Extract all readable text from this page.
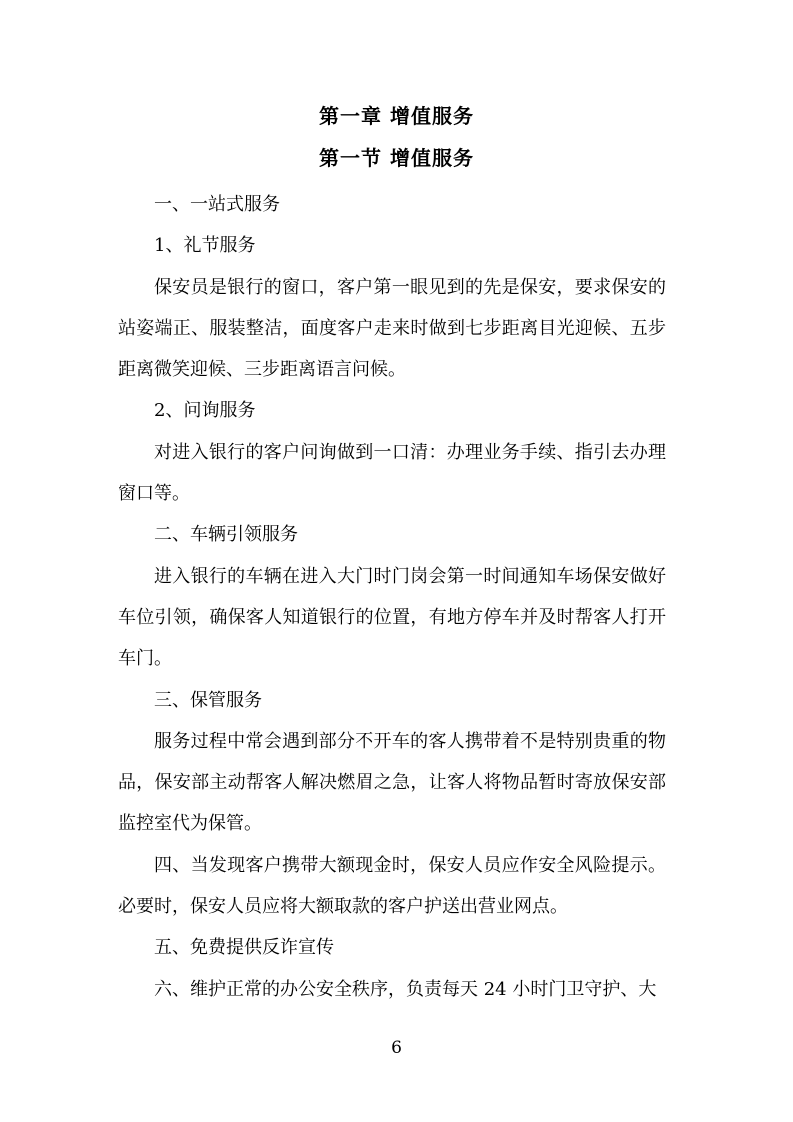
第一章 增值服务
第一节 增值服务

一、一站式服务

1、礼节服务

保安员是银行的窗口，客户第一眼见到的先是保安，要求保安的站姿端正、服装整洁，面度客户走来时做到七步距离目光迎候、五步距离微笑迎候、三步距离语言问候。

2、问询服务

对进入银行的客户问询做到一口清：办理业务手续、指引去办理窗口等。

二、车辆引领服务

进入银行的车辆在进入大门时门岗会第一时间通知车场保安做好车位引领，确保客人知道银行的位置，有地方停车并及时帮客人打开车门。

三、保管服务

服务过程中常会遇到部分不开车的客人携带着不是特别贵重的物品，保安部主动帮客人解决燃眉之急，让客人将物品暂时寄放保安部监控室代为保管。

四、当发现客户携带大额现金时，保安人员应作安全风险提示。必要时，保安人员应将大额取款的客户护送出营业网点。

五、免费提供反诈宣传

六、维护正常的办公安全秩序，负责每天 24 小时门卫守护、大

6
